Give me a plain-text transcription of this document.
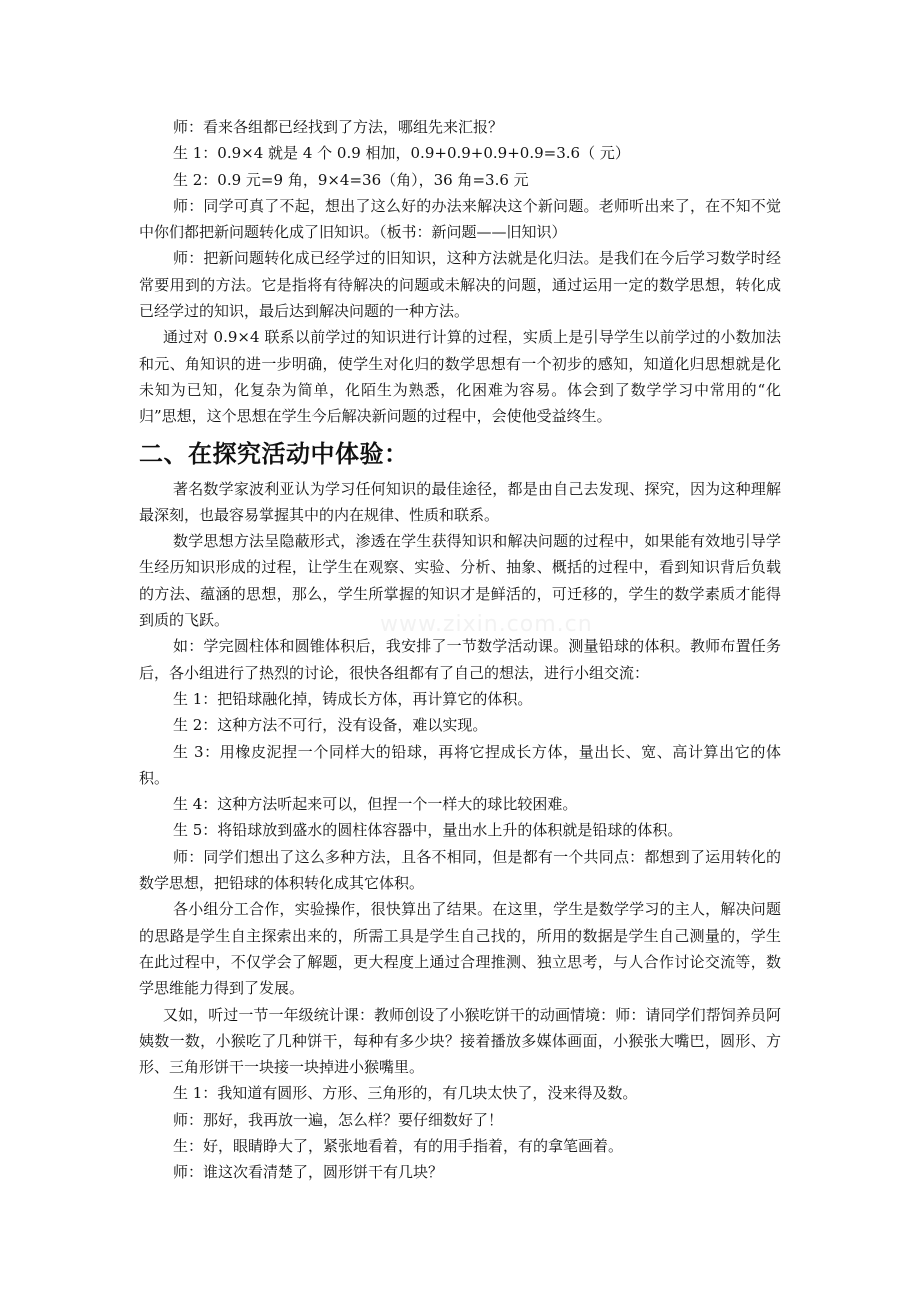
www.zixin.com.cn

师：看来各组都已经找到了方法，哪组先来汇报？

生 1：0.9×4 就是 4 个 0.9 相加，0.9+0.9+0.9+0.9=3.6（ 元）

生 2：0.9 元=9 角，9×4=36（角），36 角=3.6 元

师：同学可真了不起，想出了这么好的办法来解决这个新问题。老师听出来了，在不知不觉中你们都把新问题转化成了旧知识。（板书：新问题——旧知识）

师：把新问题转化成已经学过的旧知识，这种方法就是化归法。是我们在今后学习数学时经常要用到的方法。它是指将有待解决的问题或未解决的问题，通过运用一定的数学思想，转化成已经学过的知识，最后达到解决问题的一种方法。

通过对 0.9×4 联系以前学过的知识进行计算的过程，实质上是引导学生以前学过的小数加法和元、角知识的进一步明确，使学生对化归的数学思想有一个初步的感知，知道化归思想就是化未知为已知，化复杂为简单，化陌生为熟悉，化困难为容易。体会到了数学学习中常用的“化归”思想，这个思想在学生今后解决新问题的过程中，会使他受益终生。

二、在探究活动中体验：

著名数学家波利亚认为学习任何知识的最佳途径，都是由自己去发现、探究，因为这种理解最深刻，也最容易掌握其中的内在规律、性质和联系。

数学思想方法呈隐蔽形式，渗透在学生获得知识和解决问题的过程中，如果能有效地引导学生经历知识形成的过程，让学生在观察、实验、分析、抽象、概括的过程中，看到知识背后负载的方法、蕴涵的思想，那么，学生所掌握的知识才是鲜活的，可迁移的，学生的数学素质才能得到质的飞跃。

如：学完圆柱体和圆锥体积后，我安排了一节数学活动课。测量铅球的体积。教师布置任务后，各小组进行了热烈的讨论，很快各组都有了自己的想法，进行小组交流：

生 1：把铅球融化掉，铸成长方体，再计算它的体积。

生 2：这种方法不可行，没有设备，难以实现。

生 3：用橡皮泥捏一个同样大的铅球，再将它捏成长方体，量出长、宽、高计算出它的体积。

生 4：这种方法听起来可以，但捏一个一样大的球比较困难。

生 5：将铅球放到盛水的圆柱体容器中，量出水上升的体积就是铅球的体积。

师：同学们想出了这么多种方法，且各不相同，但是都有一个共同点：都想到了运用转化的数学思想，把铅球的体积转化成其它体积。

各小组分工合作，实验操作，很快算出了结果。在这里，学生是数学学习的主人，解决问题的思路是学生自主探索出来的，所需工具是学生自己找的，所用的数据是学生自己测量的，学生在此过程中，不仅学会了解题，更大程度上通过合理推测、独立思考，与人合作讨论交流等，数学思维能力得到了发展。

又如，听过一节一年级统计课：教师创设了小猴吃饼干的动画情境：师：请同学们帮饲养员阿姨数一数，小猴吃了几种饼干，每种有多少块？接着播放多媒体画面，小猴张大嘴巴，圆形、方形、三角形饼干一块接一块掉进小猴嘴里。

生 1：我知道有圆形、方形、三角形的，有几块太快了，没来得及数。

师：那好，我再放一遍，怎么样？要仔细数好了！

生：好，眼睛睁大了，紧张地看着，有的用手指着，有的拿笔画着。

师：谁这次看清楚了，圆形饼干有几块？
